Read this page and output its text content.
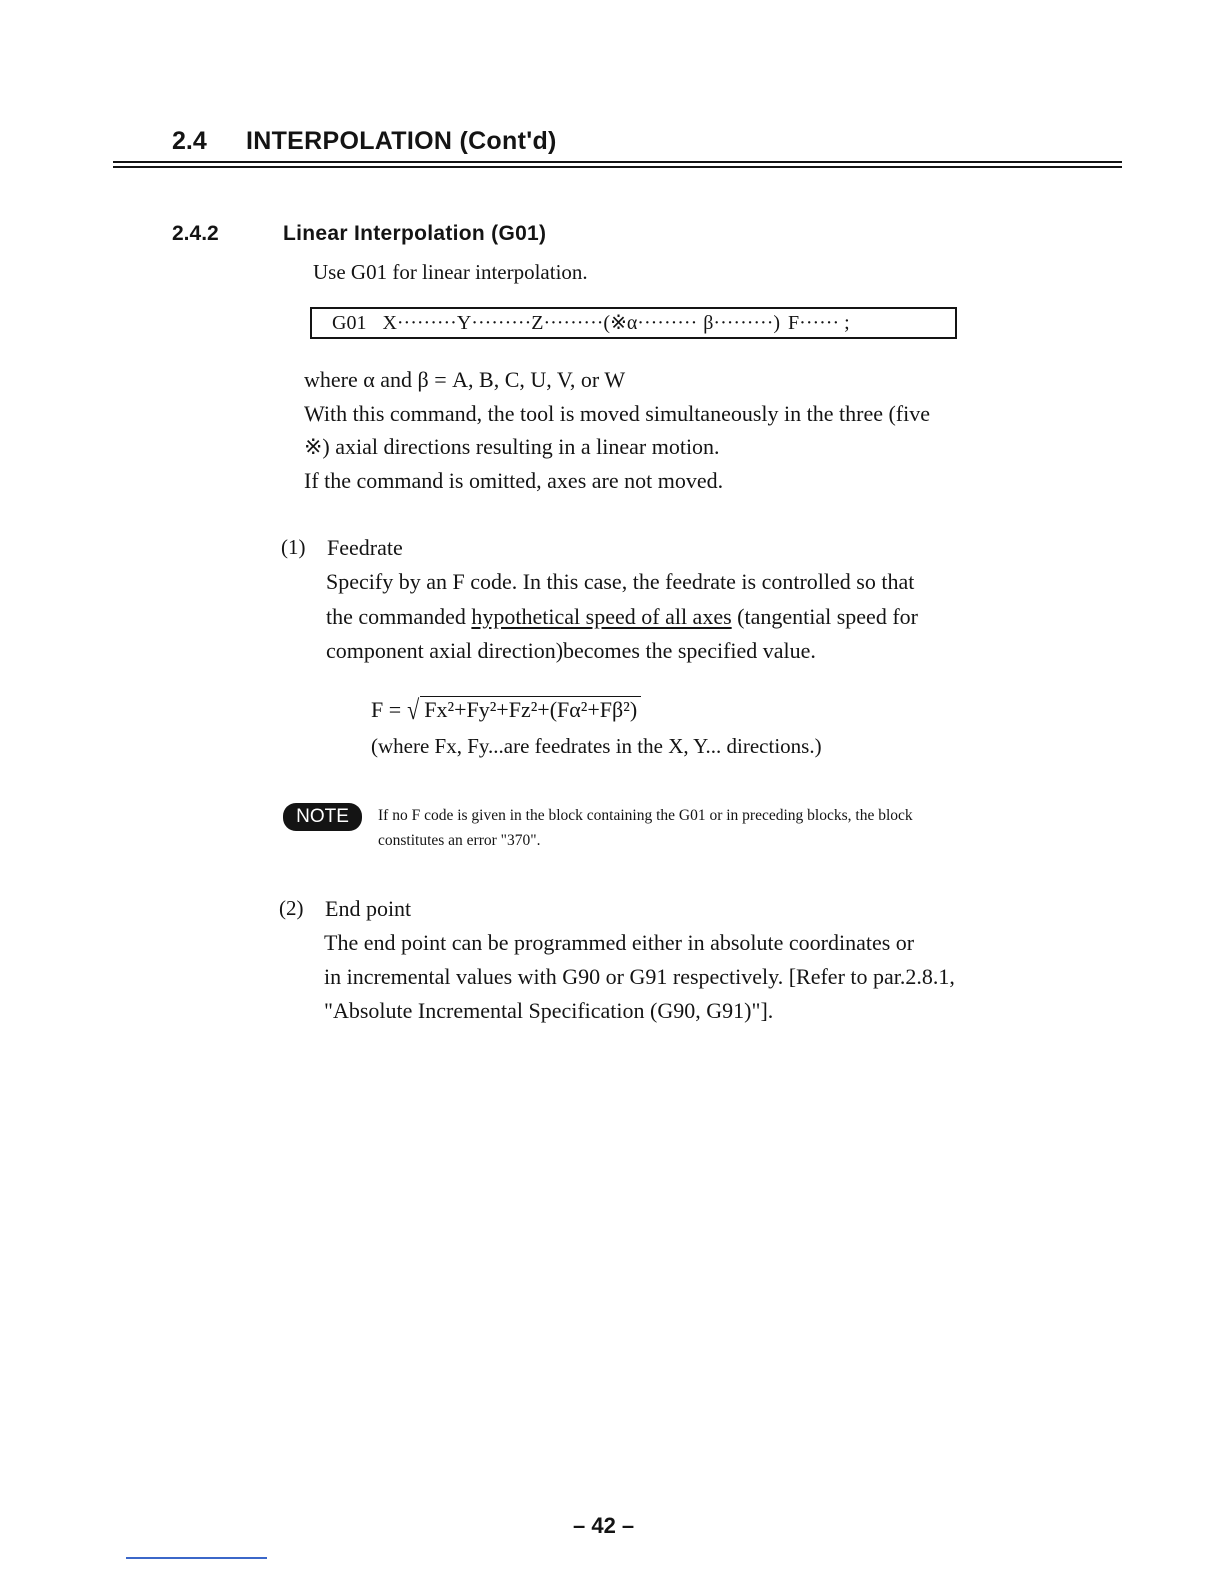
2.4 INTERPOLATION (Cont'd)
2.4.2	Linear Interpolation (G01)
Use G01 for linear interpolation.
G01 X·········Y·········Z·········(※α········· β·········) F······ ;
where α and β = A, B, C, U, V, or W
With this command, the tool is moved simultaneously in the three (five
※) axial directions resulting in a linear motion.
If the command is omitted, axes are not moved.
(1) Feedrate
Specify by an F code. In this case, the feedrate is controlled so that
the commanded hypothetical speed of all axes (tangential speed for
component axial direction)becomes the specified value.
F = √ Fx²+Fy²+Fz²+(Fα²+Fβ²)
(where Fx, Fy...are feedrates in the X, Y... directions.)
NOTE	If no F code is given in the block containing the G01 or in preceding blocks, the block
constitutes an error "370".
(2) End point
The end point can be programmed either in absolute coordinates or
in incremental values with G90 or G91 respectively. [Refer to par.2.8.1,
"Absolute Incremental Specification (G90, G91)"].
– 42 –
